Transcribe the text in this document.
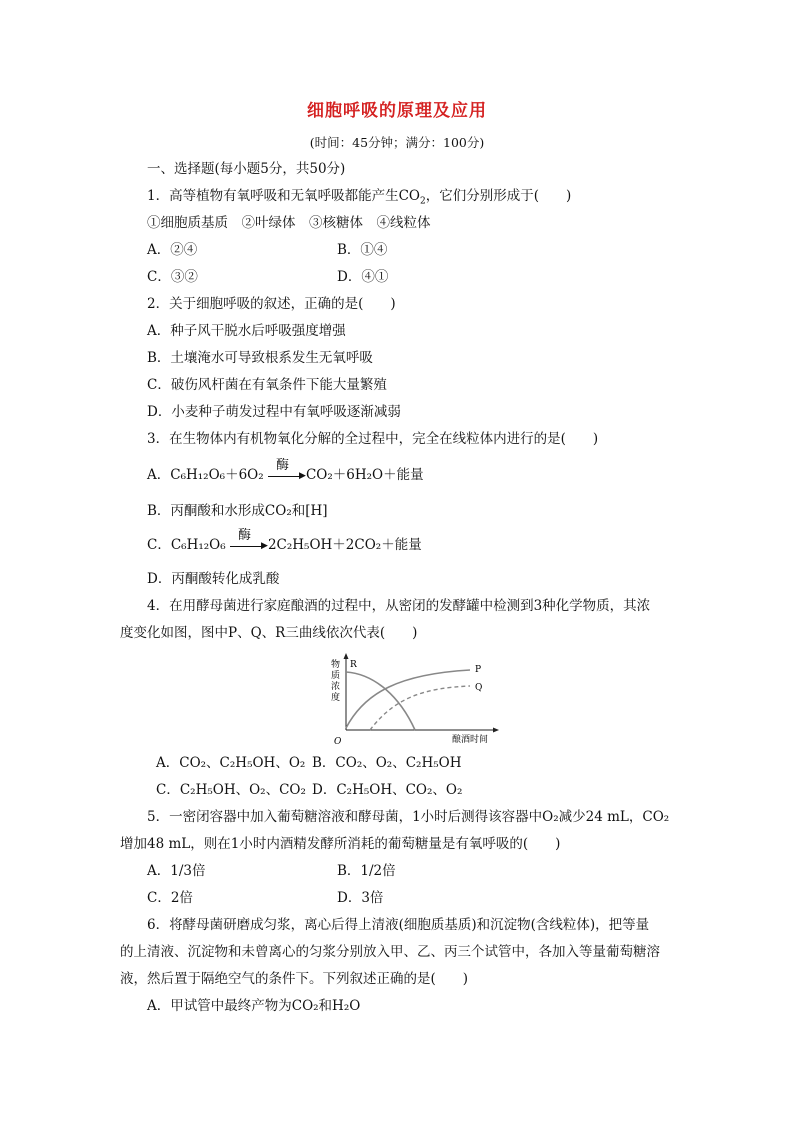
细胞呼吸的原理及应用
(时间：45分钟；满分：100分)
一、选择题(每小题5分，共50分)
1．高等植物有氧呼吸和无氧呼吸都能产生$CO_2$，它们分别形成于(　　)
①细胞质基质　②叶绿体　③核糖体　④线粒体
A．②④	B．①④
C．③②	D．④①
2．关于细胞呼吸的叙述，正确的是(　　)
A．种子风干脱水后呼吸强度增强
B．土壤淹水可导致根系发生无氧呼吸
C．破伤风杆菌在有氧条件下能大量繁殖
D．小麦种子萌发过程中有氧呼吸逐渐减弱
3．在生物体内有机物氧化分解的全过程中，完全在线粒体内进行的是(　　)
A．C₆H₁₂O₆＋6O₂
酶
▶ CO₂＋6H₂O＋能量
B．丙酮酸和水形成CO₂和[H]
C．C₆H₁₂O₆
酶
▶ 2C₂H₅OH＋2CO₂＋能量
D．丙酮酸转化成乳酸
4．在用酵母菌进行家庭酿酒的过程中，从密闭的发酵罐中检测到3种化学物质，其浓
度变化如图，图中P、Q、R三曲线依次代表(　　)
物
质
浓
度
O	酿酒时间
R	P
Q
A．CO₂、C₂H₅OH、O₂ B．CO₂、O₂、C₂H₅OH
C．C₂H₅OH、O₂、CO₂ D．C₂H₅OH、CO₂、O₂
5．一密闭容器中加入葡萄糖溶液和酵母菌，1小时后测得该容器中O₂减少24 mL，CO₂
增加48 mL，则在1小时内酒精发酵所消耗的葡萄糖量是有氧呼吸的(　　)
A．1/3倍	B．1/2倍
C．2倍	D．3倍
6．将酵母菌研磨成匀浆，离心后得上清液(细胞质基质)和沉淀物(含线粒体)，把等量
的上清液、沉淀物和未曾离心的匀浆分别放入甲、乙、丙三个试管中，各加入等量葡萄糖溶
液，然后置于隔绝空气的条件下。下列叙述正确的是(　　)
A．甲试管中最终产物为CO₂和H₂O
